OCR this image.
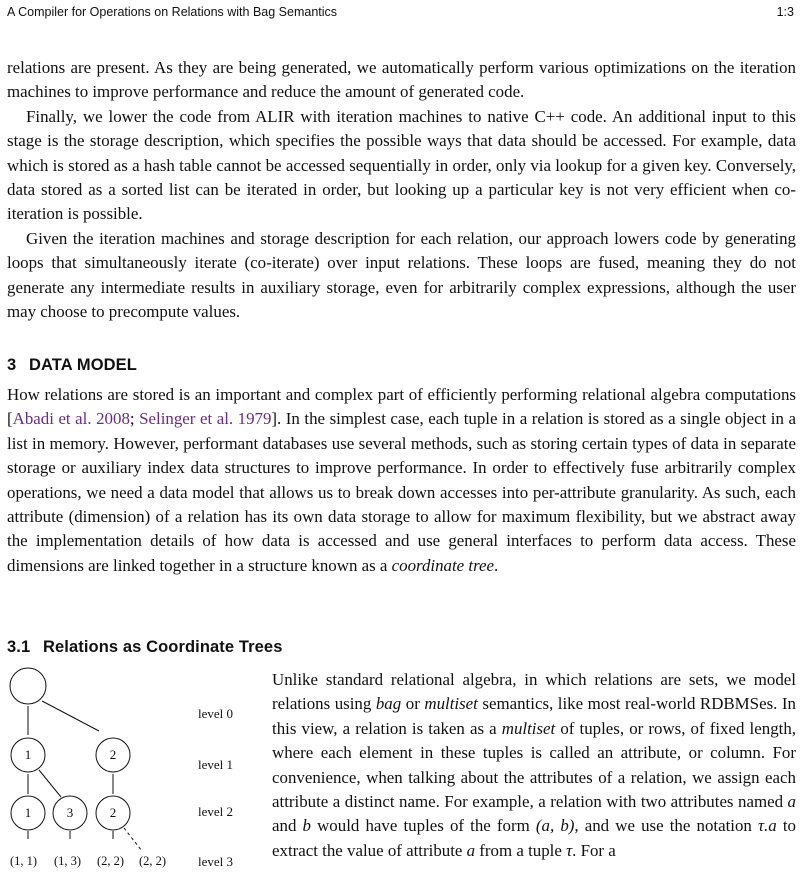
A Compiler for Operations on Relations with Bag Semantics	1:3

relations are present. As they are being generated, we automatically perform various optimizations on the iteration machines to improve performance and reduce the amount of generated code.

Finally, we lower the code from ALIR with iteration machines to native C++ code. An additional input to this stage is the storage description, which specifies the possible ways that data should be accessed. For example, data which is stored as a hash table cannot be accessed sequentially in order, only via lookup for a given key. Conversely, data stored as a sorted list can be iterated in order, but looking up a particular key is not very efficient when co-iteration is possible.

Given the iteration machines and storage description for each relation, our approach lowers code by generating loops that simultaneously iterate (co-iterate) over input relations. These loops are fused, meaning they do not generate any intermediate results in auxiliary storage, even for arbitrarily complex expressions, although the user may choose to precompute values.

3 DATA MODEL

How relations are stored is an important and complex part of efficiently performing relational algebra computations [Abadi et al. 2008; Selinger et al. 1979]. In the simplest case, each tuple in a relation is stored as a single object in a list in memory. However, performant databases use several methods, such as storing certain types of data in separate storage or auxiliary index data structures to improve performance. In order to effectively fuse arbitrarily complex operations, we need a data model that allows us to break down accesses into per-attribute granularity. As such, each attribute (dimension) of a relation has its own data storage to allow for maximum flexibility, but we abstract away the implementation details of how data is accessed and use general interfaces to perform data access. These dimensions are linked together in a structure known as a coordinate tree.

3.1 Relations as Coordinate Trees
1	2
1	3	2
level 0
level 1
level 2
level 3
(1, 1) (1, 3) (2, 2) (2, 2)

Unlike standard relational algebra, in which relations are sets, we model relations using bag or multiset semantics, like most real-world RDBMSes. In this view, a relation is taken as a multiset of tuples, or rows, of fixed length, where each element in these tuples is called an attribute, or column. For convenience, when talking about the attributes of a relation, we assign each attribute a distinct name. For example, a relation with two attributes named a and b would have tuples of the form (a, b), and we use the notation τ.a to extract the value of attribute a from a tuple τ. For a
